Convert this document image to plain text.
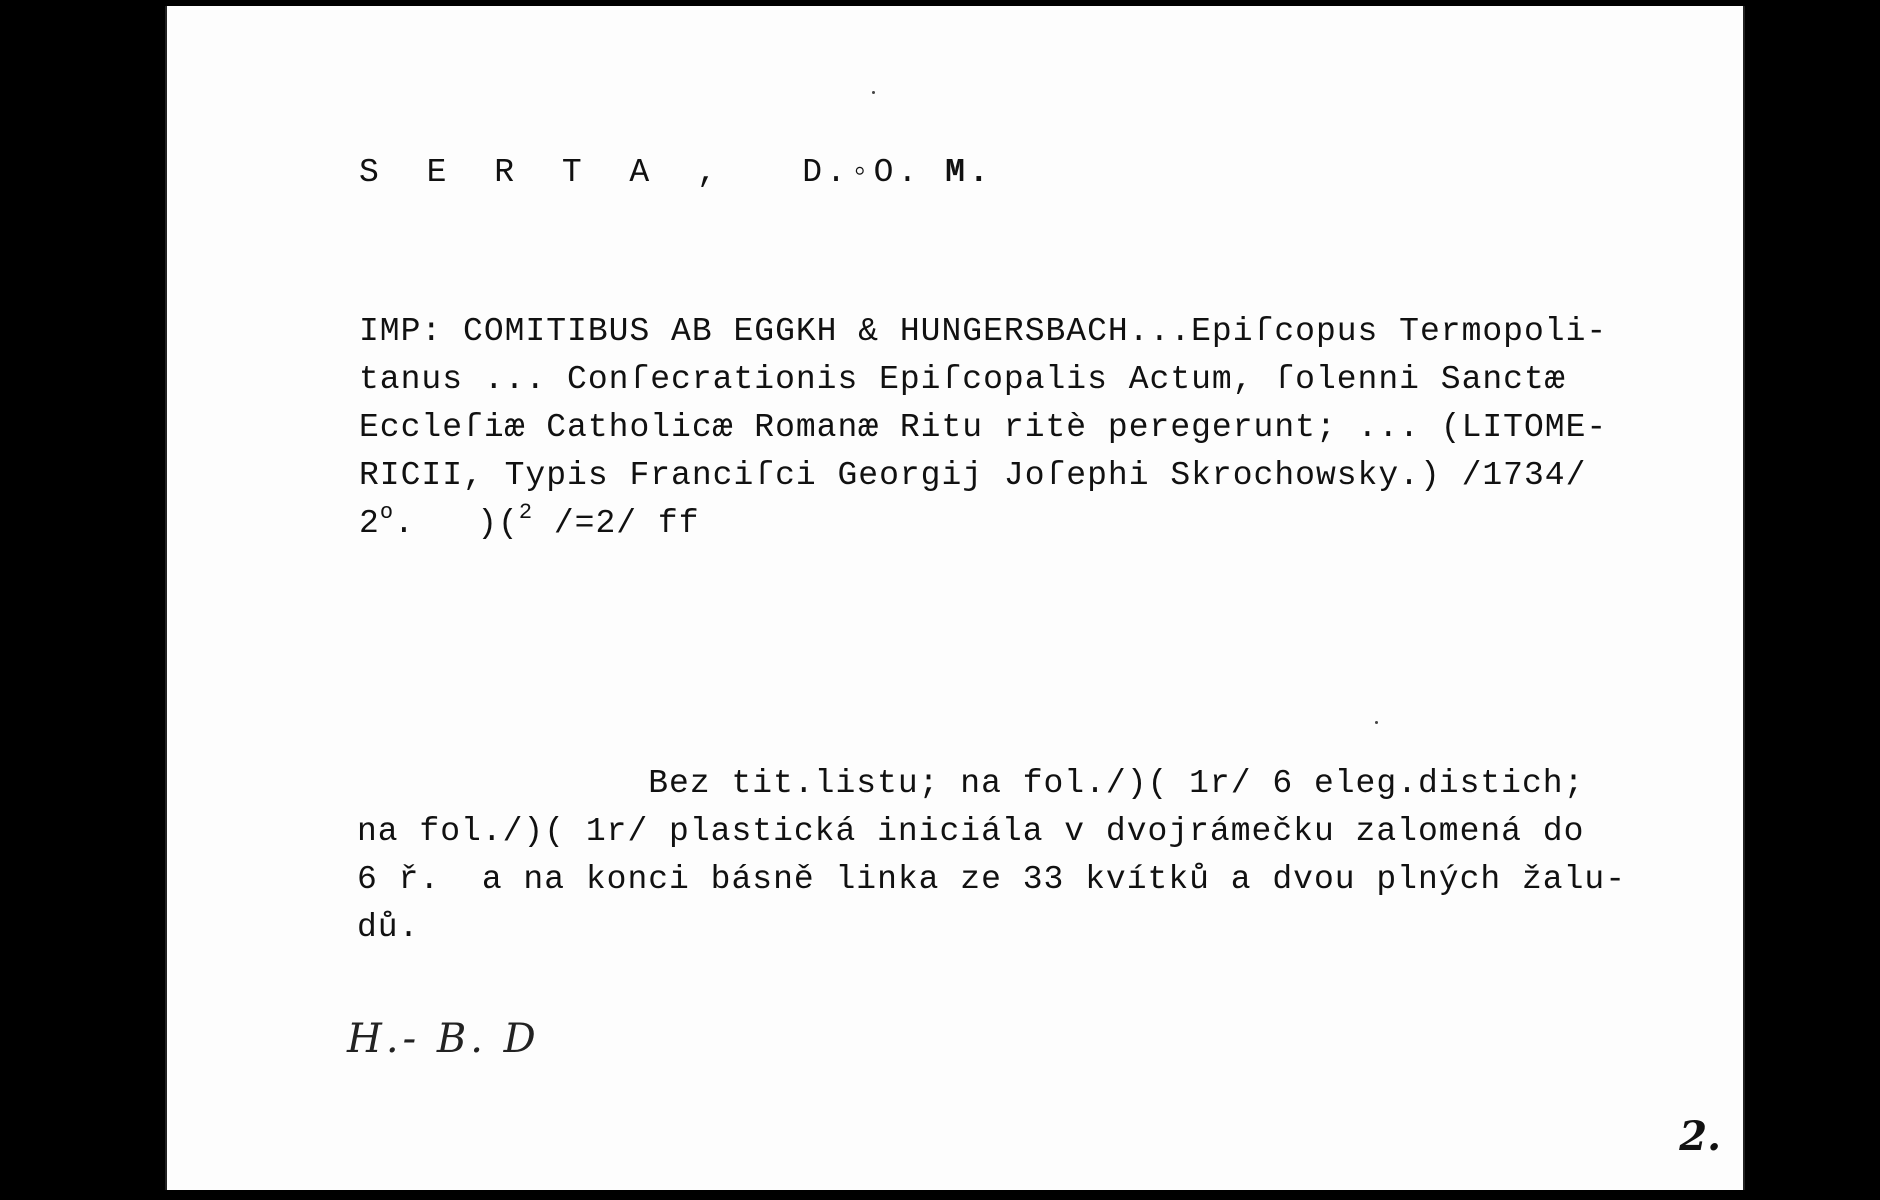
S E R T A , D.◦O. M.
IMP: COMITIBUS AB EGGKH & HUNGERSBACH...Epiſcopus Termopoli-
tanus ... Conſecrationis Epiſcopalis Actum, ſolenni Sanctæ
Eccleſiæ Catholicæ Romanæ Ritu ritè peregerunt; ... (LITOME-
RICII, Typis Franciſci Georgij Joſephi Skrochowsky.) /1734/
2$^o$. )($^2$ /=2/ ff
Bez tit.listu; na fol./)( 1r/ 6 eleg.distich;
na fol./)( 1r/ plastická iniciála v dvojrámečku zalomená do
6 ř.  a na konci básně linka ze 33 kvítků a dvou plných žalu-
dů.
H.- B. D
2.
